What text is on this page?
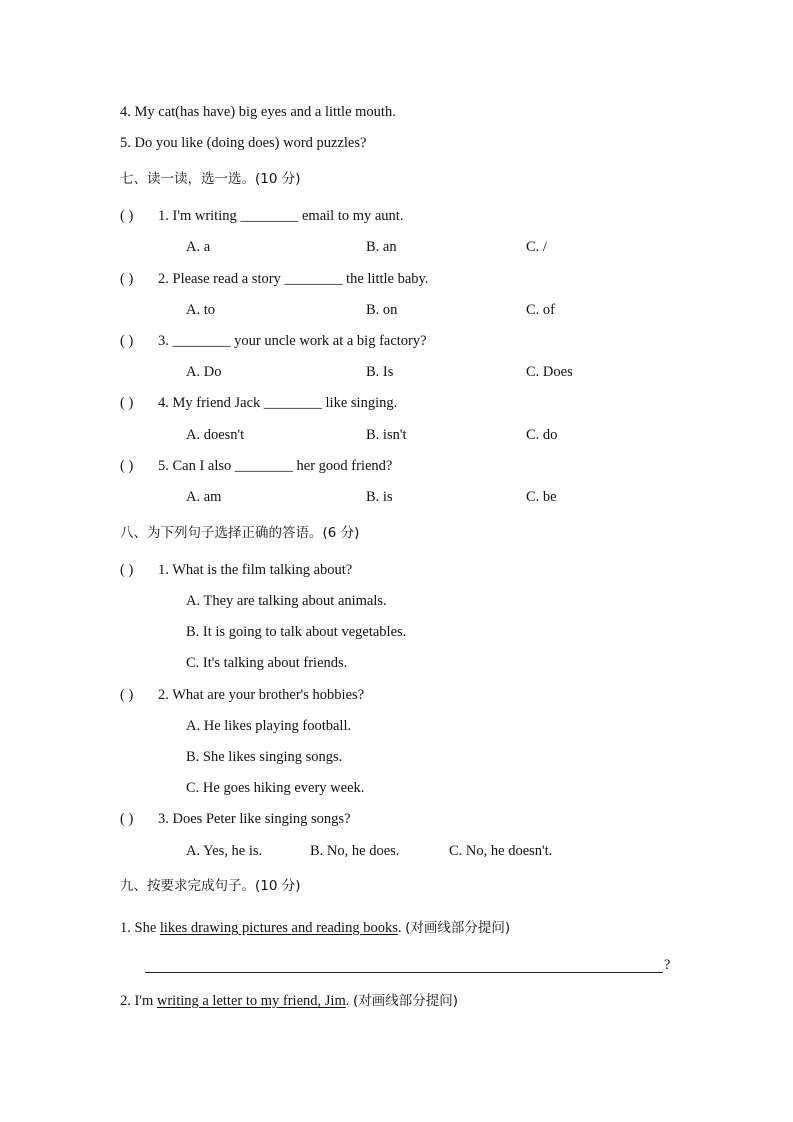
4. My cat(has have) big eyes and a little mouth.
5. Do you like (doing does) word puzzles?
七、读一读，选一选。(10 分)
( ) 1. I'm writing ________ email to my aunt.
A. a	B. an	C. /
( ) 2. Please read a story ________ the little baby.
A. to	B. on	C. of
( ) 3. ________ your uncle work at a big factory?
A. Do	B. Is	C. Does
( ) 4. My friend Jack ________ like singing.
A. doesn't	B. isn't	C. do
( ) 5. Can I also ________ her good friend?
A. am	B. is	C. be
八、为下列句子选择正确的答语。(6 分)
( ) 1. What is the film talking about?
A. They are talking about animals.
B. It is going to talk about vegetables.
C. It's talking about friends.
( ) 2. What are your brother's hobbies?
A. He likes playing football.
B. She likes singing songs.
C. He goes hiking every week.
( ) 3. Does Peter like singing songs?
A. Yes, he is.	B. No, he does.	C. No, he doesn't.
九、按要求完成句子。(10 分)
1. She likes drawing pictures and reading books. (对画线部分提问)
?
2. I'm writing a letter to my friend, Jim. (对画线部分提问)
